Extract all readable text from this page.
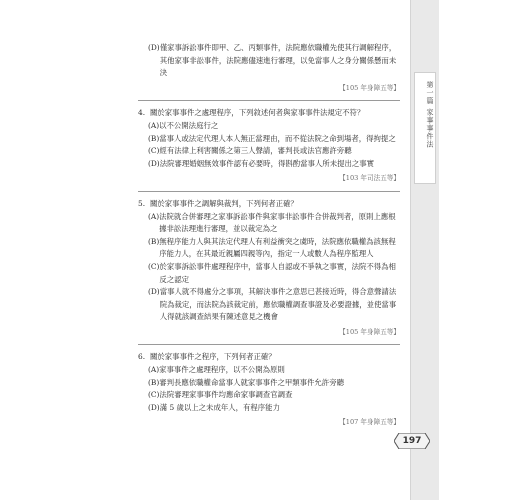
第一篇 家事事件法
(D) 僅家事訴訟事件即甲、乙、丙類事件，法院應依職權先使其行調解程序，其他家事非訟事件，法院應儘速進行審理，以免當事人之身分關係懸而未決
【105 年身障五等】
4. 關於家事事件之處理程序，下列敘述何者與家事事件法規定不符？
(A) 以不公開法庭行之
(B) 當事人或法定代理人本人無正當理由，而不從法院之命到場者，得拘提之
(C) 經有法律上利害關係之第三人聲請，審判長或法官應許旁聽
(D) 法院審理婚姻無效事件認有必要時，得斟酌當事人所未提出之事實
【103 年司法五等】
5. 關於家事事件之調解與裁判，下列何者正確？
(A) 法院就合併審理之家事訴訟事件與家事非訟事件合併裁判者，原則上應根據非訟法理進行審理，並以裁定為之
(B) 無程序能力人與其法定代理人有利益衝突之虞時，法院應依職權為該無程序能力人，在其最近親屬四親等內，指定一人或數人為程序監理人
(C) 於家事訴訟事件處理程序中，當事人自認或不爭執之事實，法院不得為相反之認定
(D) 當事人就不得處分之事項，其解決事件之意思已甚接近時，得合意聲請法院為裁定，而法院為該裁定前，應依職權調查事證及必要證據，並使當事人得就該調查結果有陳述意見之機會
【105 年身障五等】
6. 關於家事事件之程序，下列何者正確？
(A) 家事事件之處理程序，以不公開為原則
(B) 審判長應依職權命當事人就家事事件之甲類事件允許旁聽
(C) 法院審理家事事件均應命家事調查官調查
(D) 滿 5 歲以上之未成年人，有程序能力
【107 年身障五等】
197
